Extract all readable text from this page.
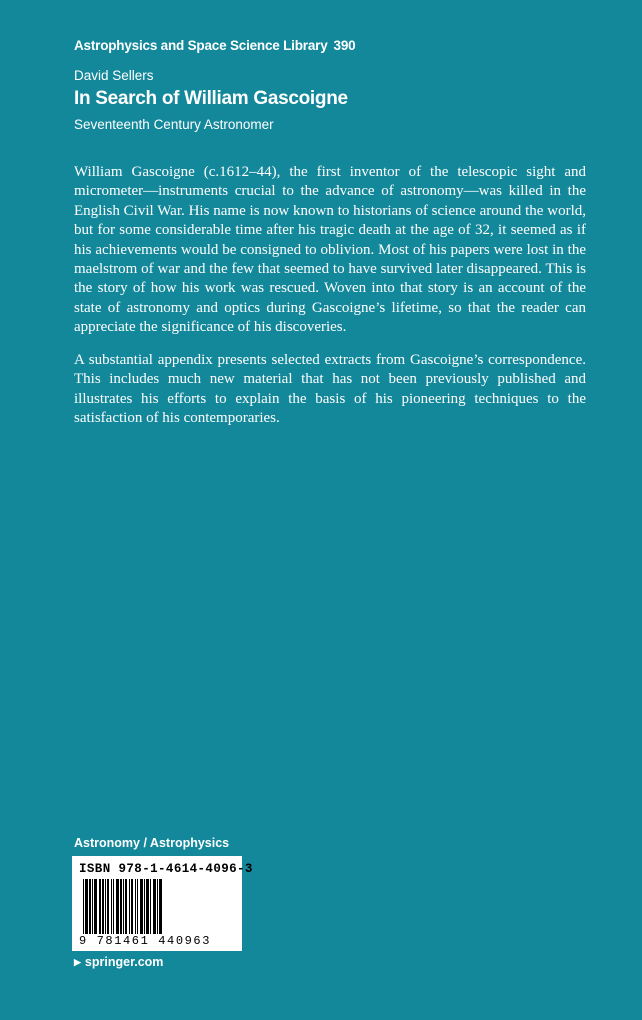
Astrophysics and Space Science Library 390
David Sellers
In Search of William Gascoigne
Seventeenth Century Astronomer
William Gascoigne (c.1612–44), the first inventor of the telescopic sight and micrometer—instruments crucial to the advance of astronomy—was killed in the English Civil War. His name is now known to historians of science around the world, but for some considerable time after his tragic death at the age of 32, it seemed as if his achievements would be consigned to oblivion. Most of his papers were lost in the maelstrom of war and the few that seemed to have survived later disappeared. This is the story of how his work was rescued. Woven into that story is an account of the state of astronomy and optics during Gascoigne’s lifetime, so that the reader can appreciate the significance of his discoveries.
A substantial appendix presents selected extracts from Gascoigne’s correspondence. This includes much new material that has not been previously published and illustrates his efforts to explain the basis of his pioneering techniques to the satisfaction of his contemporaries.
Astronomy / Astrophysics
ISBN 978-1-4614-4096-3
9 781461 440963
▶ springer.com
